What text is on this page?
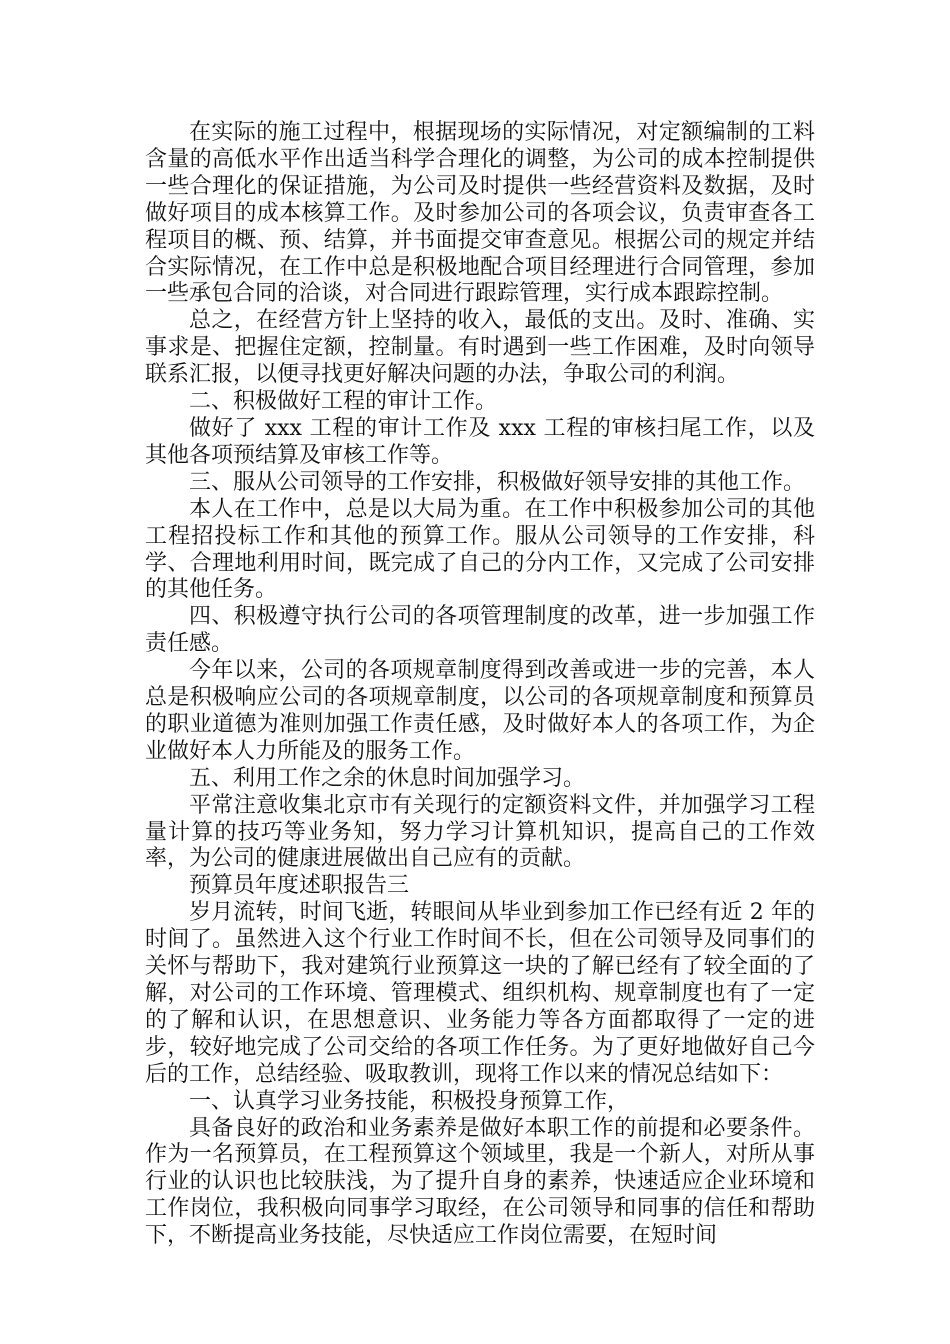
在实际的施工过程中，根据现场的实际情况，对定额编制的工料含量的高低水平作出适当科学合理化的调整，为公司的成本控制提供一些合理化的保证措施，为公司及时提供一些经营资料及数据，及时做好项目的成本核算工作。及时参加公司的各项会议，负责审查各工程项目的概、预、结算，并书面提交审查意见。根据公司的规定并结合实际情况，在工作中总是积极地配合项目经理进行合同管理，参加一些承包合同的洽谈，对合同进行跟踪管理，实行成本跟踪控制。

总之，在经营方针上坚持的收入，最低的支出。及时、准确、实事求是、把握住定额，控制量。有时遇到一些工作困难，及时向领导联系汇报，以便寻找更好解决问题的办法，争取公司的利润。

二、积极做好工程的审计工作。

做好了 xxx 工程的审计工作及 xxx 工程的审核扫尾工作，以及其他各项预结算及审核工作等。

三、服从公司领导的工作安排，积极做好领导安排的其他工作。

本人在工作中，总是以大局为重。在工作中积极参加公司的其他工程招投标工作和其他的预算工作。服从公司领导的工作安排，科学、合理地利用时间，既完成了自己的分内工作，又完成了公司安排的其他任务。

四、积极遵守执行公司的各项管理制度的改革，进一步加强工作责任感。

今年以来，公司的各项规章制度得到改善或进一步的完善，本人总是积极响应公司的各项规章制度，以公司的各项规章制度和预算员的职业道德为准则加强工作责任感，及时做好本人的各项工作，为企业做好本人力所能及的服务工作。

五、利用工作之余的休息时间加强学习。

平常注意收集北京市有关现行的定额资料文件，并加强学习工程量计算的技巧等业务知，努力学习计算机知识，提高自己的工作效率，为公司的健康进展做出自己应有的贡献。

预算员年度述职报告三

岁月流转，时间飞逝，转眼间从毕业到参加工作已经有近 2 年的时间了。虽然进入这个行业工作时间不长，但在公司领导及同事们的关怀与帮助下，我对建筑行业预算这一块的了解已经有了较全面的了解，对公司的工作环境、管理模式、组织机构、规章制度也有了一定的了解和认识，在思想意识、业务能力等各方面都取得了一定的进步，较好地完成了公司交给的各项工作任务。为了更好地做好自己今后的工作，总结经验、吸取教训，现将工作以来的情况总结如下：

一、认真学习业务技能，积极投身预算工作，

具备良好的政治和业务素养是做好本职工作的前提和必要条件。作为一名预算员，在工程预算这个领域里，我是一个新人，对所从事行业的认识也比较肤浅，为了提升自身的素养，快速适应企业环境和工作岗位，我积极向同事学习取经，在公司领导和同事的信任和帮助下，不断提高业务技能，尽快适应工作岗位需要，在短时间
